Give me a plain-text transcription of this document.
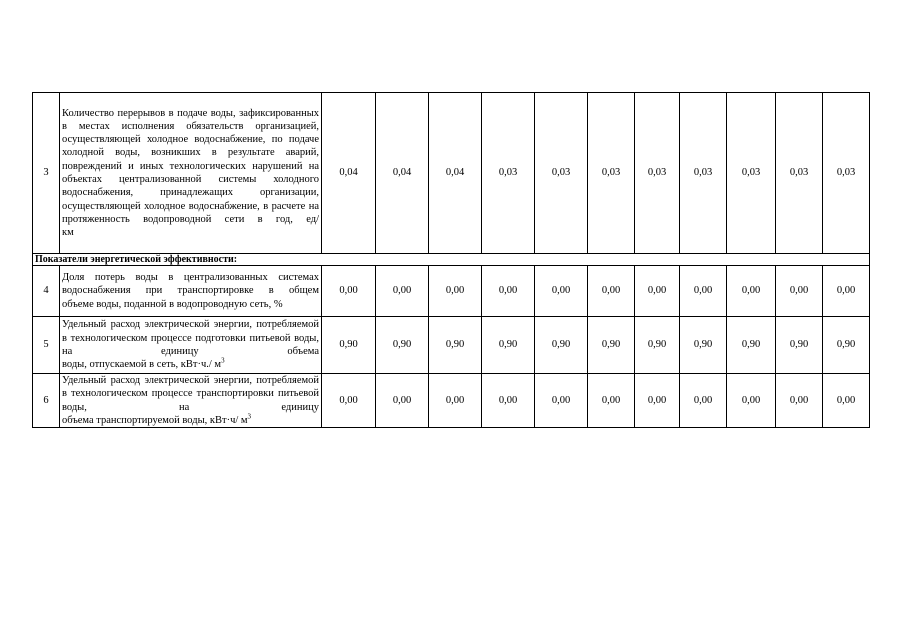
3	Количество перерывов в подаче воды, зафиксированных в местах исполнения обязательств организацией, осуществляющей холодное водоснабжение, по подаче холодной воды, возникших в результате аварий, повреждений и иных технологических нарушений на объектах централизованной системы холодного водоснабжения, принадлежащих организации, осуществляющей холодное водоснабжение, в расчете на протяженность водопроводной сети в год, ед/
км	0,04	0,04	0,04	0,03	0,03	0,03	0,03	0,03	0,03	0,03	0,03
Показатели энергетической эффективности:												
4	Доля потерь воды в централизованных системах водоснабжения при транспортировке в общем
объеме воды, поданной в водопроводную сеть, %	0,00	0,00	0,00	0,00	0,00	0,00	0,00	0,00	0,00	0,00	0,00
5	Удельный расход электрической энергии, потребляемой в технологическом процессе подготовки питьевой воды, на единицу объема
воды, отпускаемой в сеть, кВт·ч./ $м^3$	0,90	0,90	0,90	0,90	0,90	0,90	0,90	0,90	0,90	0,90	0,90
6	Удельный расход электрической энергии, потребляемой в технологическом процессе транспортировки питьевой воды, на единицу
объема транспортируемой воды, кВт·ч/ $м^3$	0,00	0,00	0,00	0,00	0,00	0,00	0,00	0,00	0,00	0,00	0,00
